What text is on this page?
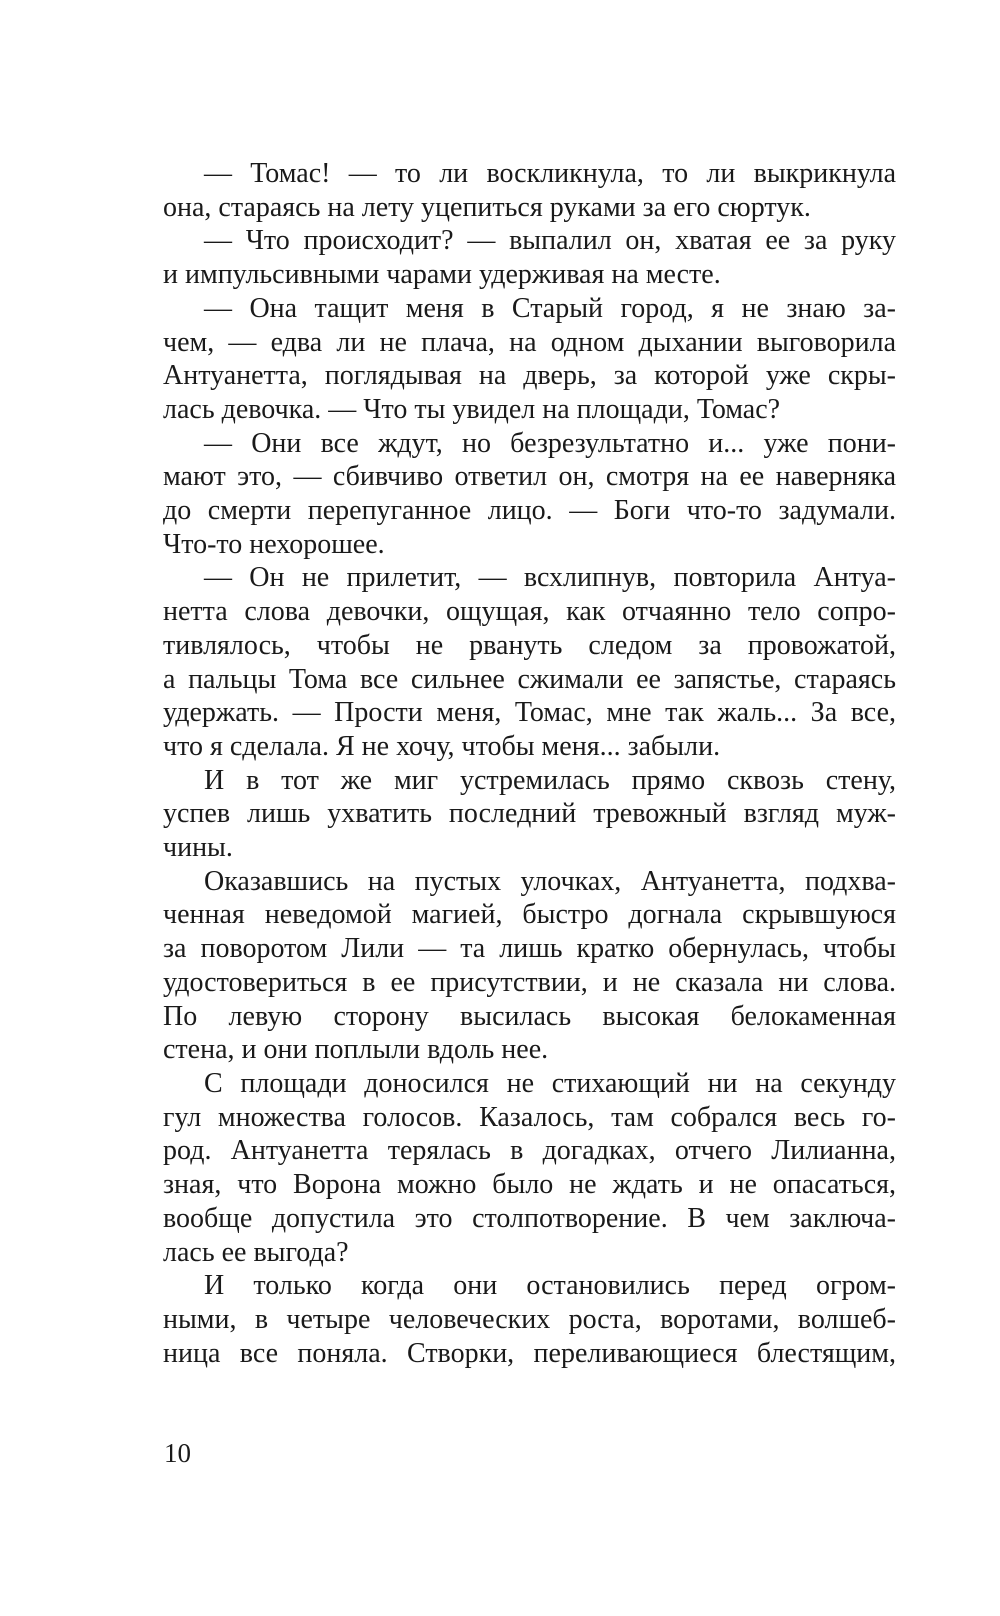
— Томас! — то ли воскликнула, то ли выкрикнула
она, стараясь на лету уцепиться руками за его сюртук.
— Что происходит? — выпалил он, хватая ее за руку
и импульсивными чарами удерживая на месте.
— Она тащит меня в Старый город, я не знаю за-
чем, — едва ли не плача, на одном дыхании выговорила
Антуанетта, поглядывая на дверь, за которой уже скры-
лась девочка. — Что ты увидел на площади, Томас?
— Они все ждут, но безрезультатно и... уже пони-
мают это, — сбивчиво ответил он, смотря на ее наверняка
до смерти перепуганное лицо. — Боги что-то задумали.
Что-то нехорошее.
— Он не прилетит, — всхлипнув, повторила Антуа-
нетта слова девочки, ощущая, как отчаянно тело сопро-
тивлялось, чтобы не рвануть следом за провожатой,
а пальцы Тома все сильнее сжимали ее запястье, стараясь
удержать. — Прости меня, Томас, мне так жаль... За все,
что я сделала. Я не хочу, чтобы меня... забыли.
И в тот же миг устремилась прямо сквозь стену,
успев лишь ухватить последний тревожный взгляд муж-
чины.
Оказавшись на пустых улочках, Антуанетта, подхва-
ченная неведомой магией, быстро догнала скрывшуюся
за поворотом Лили — та лишь кратко обернулась, чтобы
удостовериться в ее присутствии, и не сказала ни слова.
По левую сторону высилась высокая белокаменная
стена, и они поплыли вдоль нее.
С площади доносился не стихающий ни на секунду
гул множества голосов. Казалось, там собрался весь го-
род. Антуанетта терялась в догадках, отчего Лилианна,
зная, что Ворона можно было не ждать и не опасаться,
вообще допустила это столпотворение. В чем заключа-
лась ее выгода?
И только когда они остановились перед огром-
ными, в четыре человеческих роста, воротами, волшеб-
ница все поняла. Створки, переливающиеся блестящим,
10
